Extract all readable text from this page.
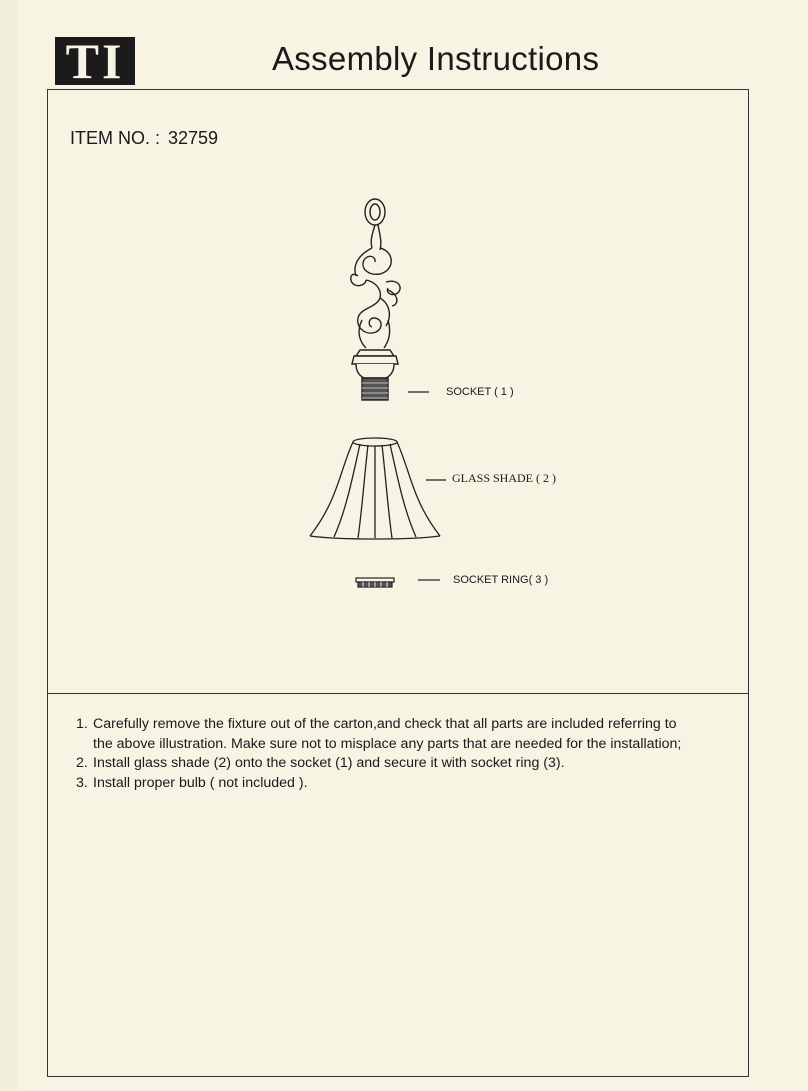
TI	Assembly Instructions
ITEM NO. : 32759
SOCKET ( 1 )
GLASS SHADE ( 2 )
SOCKET RING( 3 )
1. Carefully remove the fixture out of the carton,and check that all parts are included referring to
the above illustration. Make sure not to misplace any parts that are needed for the installation;
2. Install glass shade (2) onto the socket (1) and secure it with socket ring (3).
3. Install proper bulb ( not included ).
